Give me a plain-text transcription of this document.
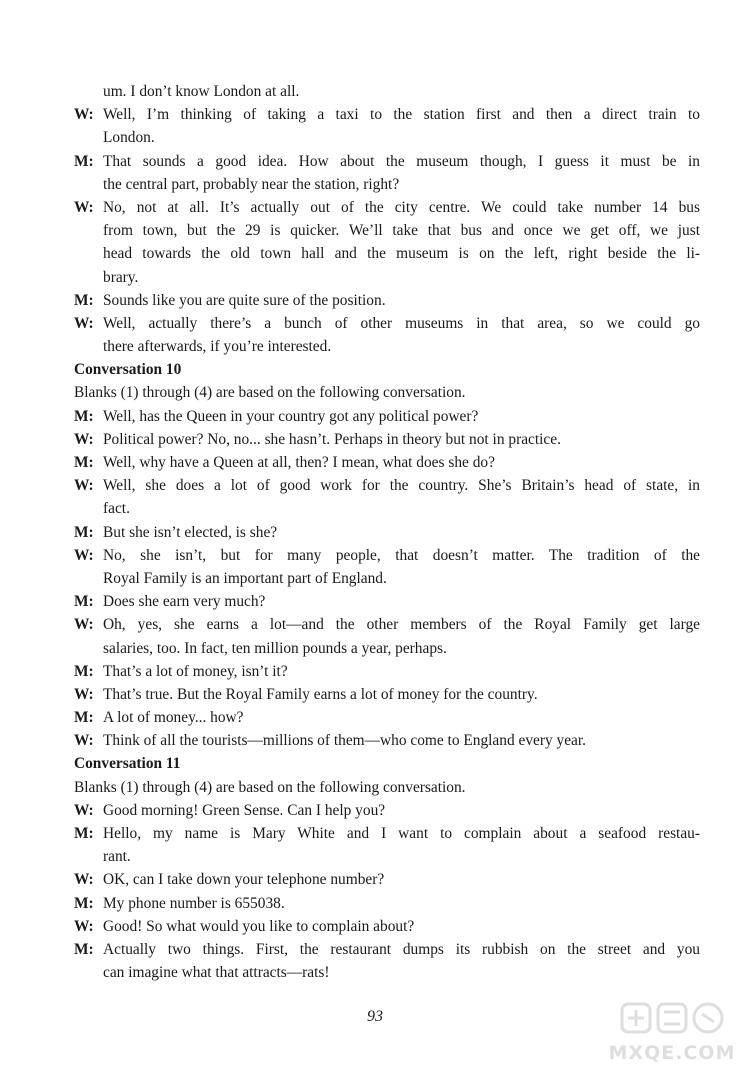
um. I don’t know London at all.
W: Well, I’m thinking of taking a taxi to the station first and then a direct train to
London.
M: That sounds a good idea. How about the museum though, I guess it must be in
the central part, probably near the station, right?
W: No, not at all. It’s actually out of the city centre. We could take number 14 bus
from town, but the 29 is quicker. We’ll take that bus and once we get off, we just
head towards the old town hall and the museum is on the left, right beside the li-
brary.
M: Sounds like you are quite sure of the position.
W: Well, actually there’s a bunch of other museums in that area, so we could go
there afterwards, if you’re interested.
Conversation 10
Blanks (1) through (4) are based on the following conversation.
M: Well, has the Queen in your country got any political power?
W: Political power? No, no... she hasn’t. Perhaps in theory but not in practice.
M: Well, why have a Queen at all, then? I mean, what does she do?
W: Well, she does a lot of good work for the country. She’s Britain’s head of state, in
fact.
M: But she isn’t elected, is she?
W: No, she isn’t, but for many people, that doesn’t matter. The tradition of the
Royal Family is an important part of England.
M: Does she earn very much?
W: Oh, yes, she earns a lot—and the other members of the Royal Family get large
salaries, too. In fact, ten million pounds a year, perhaps.
M: That’s a lot of money, isn’t it?
W: That’s true. But the Royal Family earns a lot of money for the country.
M: A lot of money... how?
W: Think of all the tourists—millions of them—who come to England every year.
Conversation 11
Blanks (1) through (4) are based on the following conversation.
W: Good morning! Green Sense. Can I help you?
M: Hello, my name is Mary White and I want to complain about a seafood restau-
rant.
W: OK, can I take down your telephone number?
M: My phone number is 655038.
W: Good! So what would you like to complain about?
M: Actually two things. First, the restaurant dumps its rubbish on the street and you
can imagine what that attracts—rats!
93
MXQE.COM
